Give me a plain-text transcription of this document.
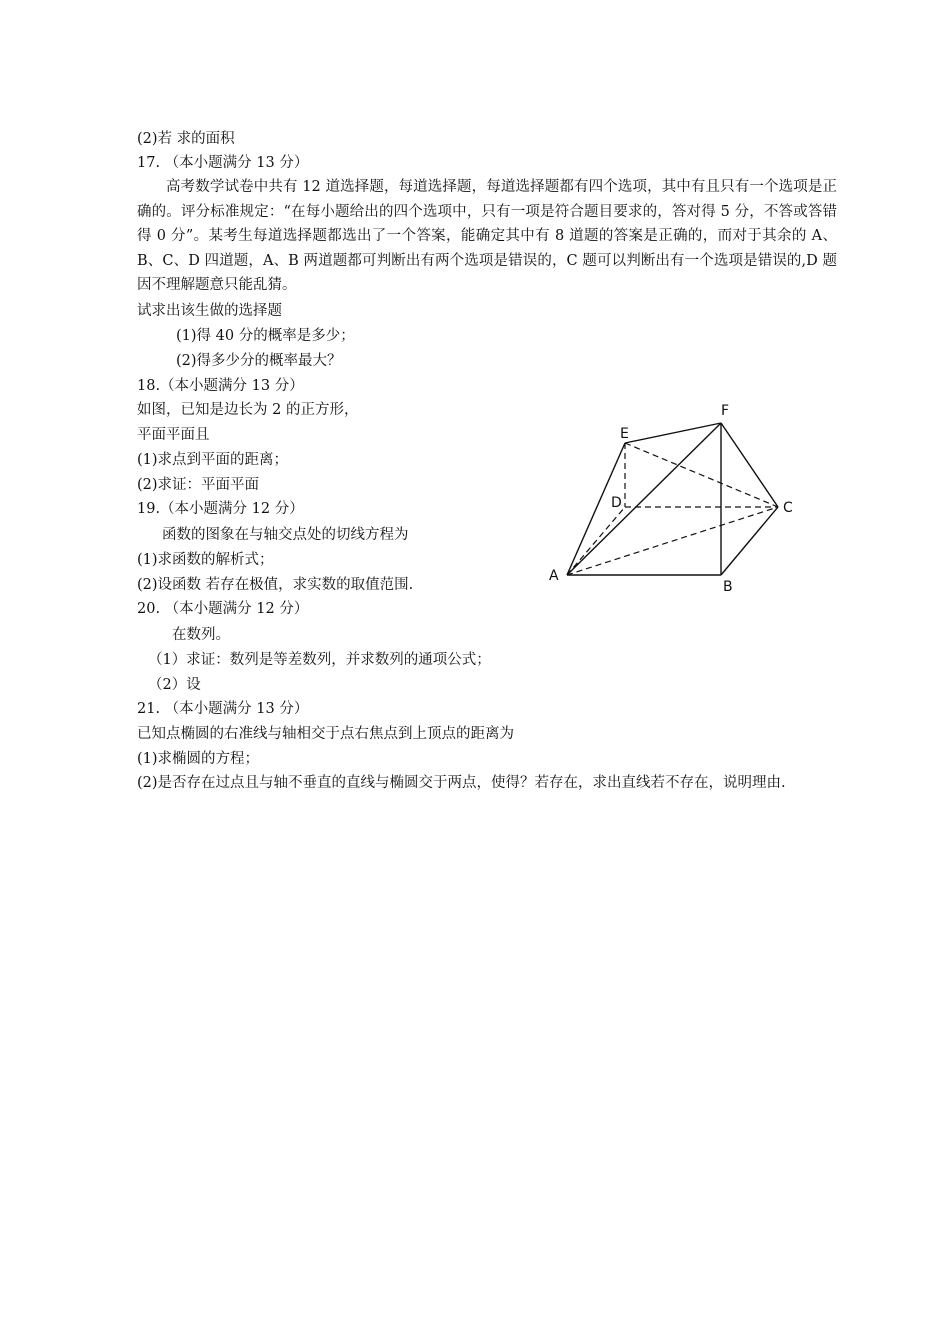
(2)若 求的面积
17. （本小题满分 13 分）
高考数学试卷中共有 12 道选择题，每道选择题，每道选择题都有四个选项，其中有且只有一个选项是正确的。评分标准规定：“在每小题给出的四个选项中，只有一项是符合题目要求的，答对得 5 分，不答或答错得 0 分”。某考生每道选择题都选出了一个答案，能确定其中有 8 道题的答案是正确的，而对于其余的 A、B、C、D 四道题，A、B 两道题都可判断出有两个选项是错误的，C 题可以判断出有一个选项是错误的,D 题因不理解题意只能乱猜。
试求出该生做的选择题
(1)得 40 分的概率是多少；
(2)得多少分的概率最大？
18.（本小题满分 13 分）
如图，已知是边长为 2 的正方形，
平面平面且
(1)求点到平面的距离；
(2)求证：平面平面
19.（本小题满分 12 分）
函数的图象在与轴交点处的切线方程为
(1)求函数的解析式；
(2)设函数 若存在极值，求实数的取值范围.
20. （本小题满分 12 分）
在数列。
（1）求证：数列是等差数列，并求数列的通项公式；
（2）设
21. （本小题满分 13 分）
已知点椭圆的右准线与轴相交于点右焦点到上顶点的距离为
(1)求椭圆的方程；
(2)是否存在过点且与轴不垂直的直线与椭圆交于两点，使得？若存在，求出直线若不存在，说明理由.
A
B
C
D
E
F
